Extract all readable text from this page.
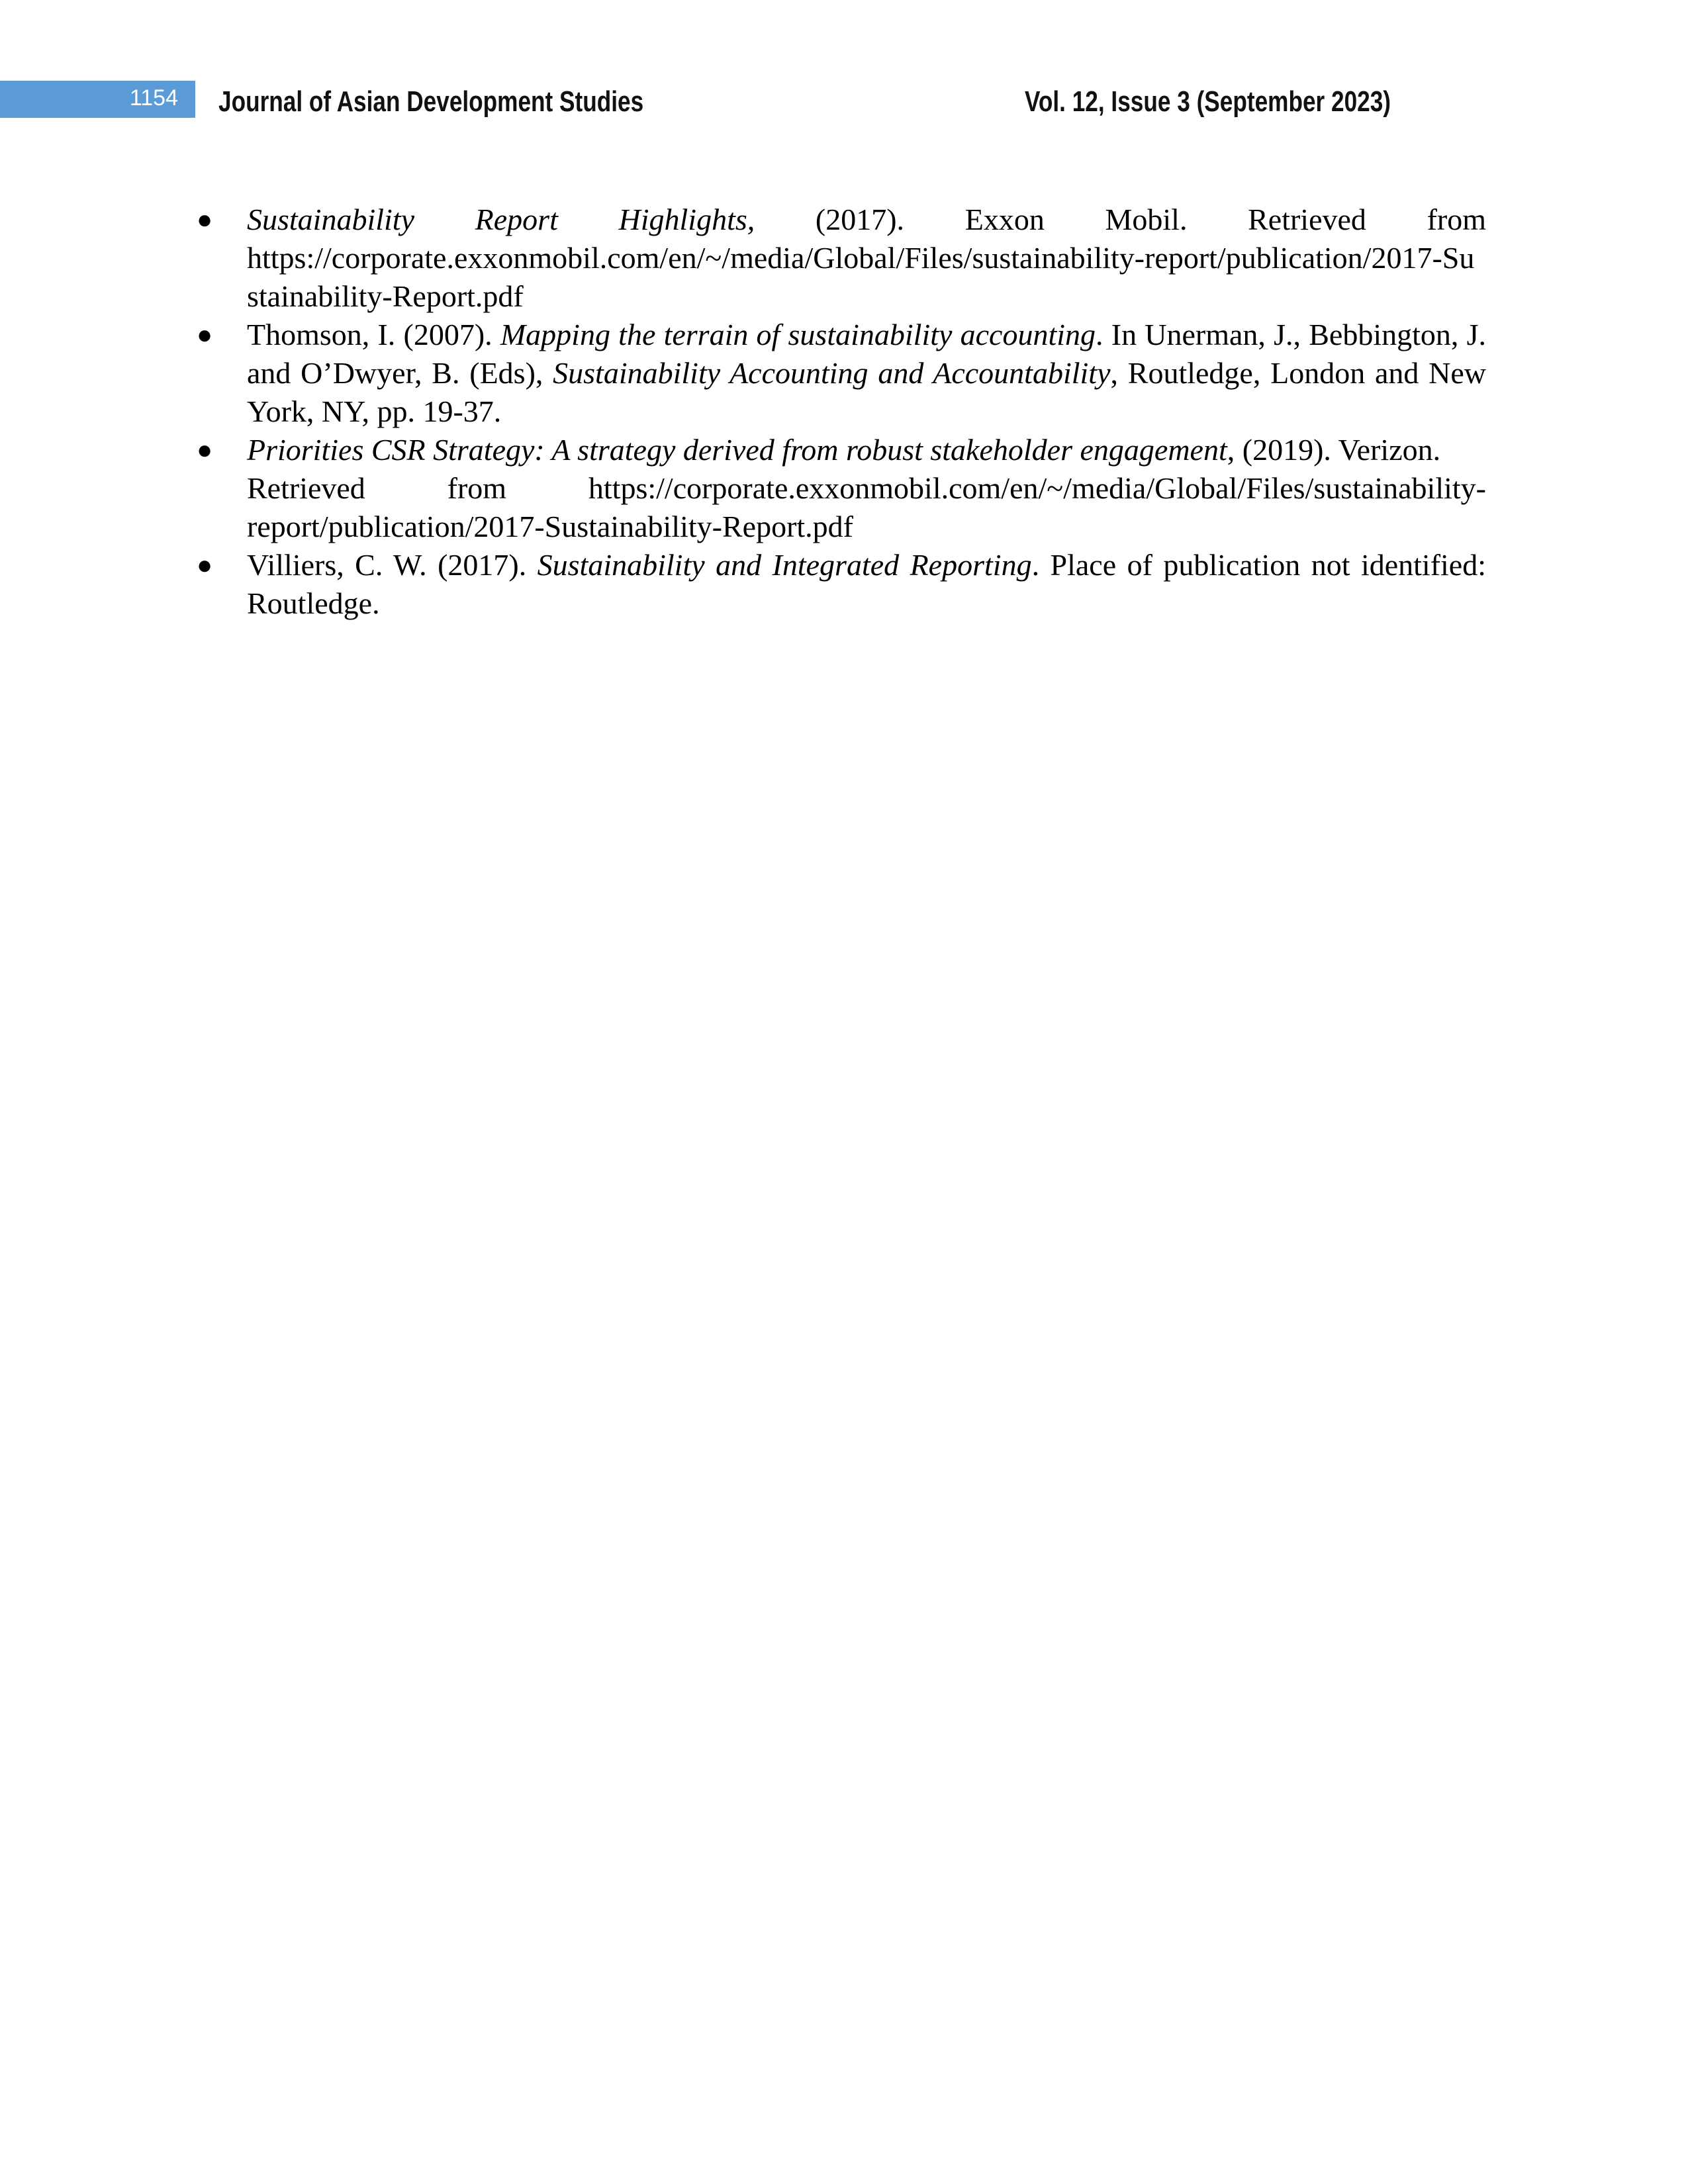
1154 Journal of Asian Development Studies	Vol. 12, Issue 3 (September 2023)
● Sustainability Report Highlights, (2017). Exxon Mobil. Retrieved from

https://corporate.exxonmobil.com/en/~/media/Global/Files/sustainability-report/publication/2017-Sustainability-Report.pdf

● Thomson, I. (2007). Mapping the terrain of sustainability accounting. In Unerman, J., Bebbington, J. and O’Dwyer, B. (Eds), Sustainability Accounting and Accountability, Routledge, London and New York, NY, pp. 19-37.

● Priorities CSR Strategy: A strategy derived from robust stakeholder engagement, (2019). Verizon.

Retrieved from https://corporate.exxonmobil.com/en/~/media/Global/Files/sustainability-

report/publication/2017-Sustainability-Report.pdf

● Villiers, C. W. (2017). Sustainability and Integrated Reporting. Place of publication not identified: Routledge.
